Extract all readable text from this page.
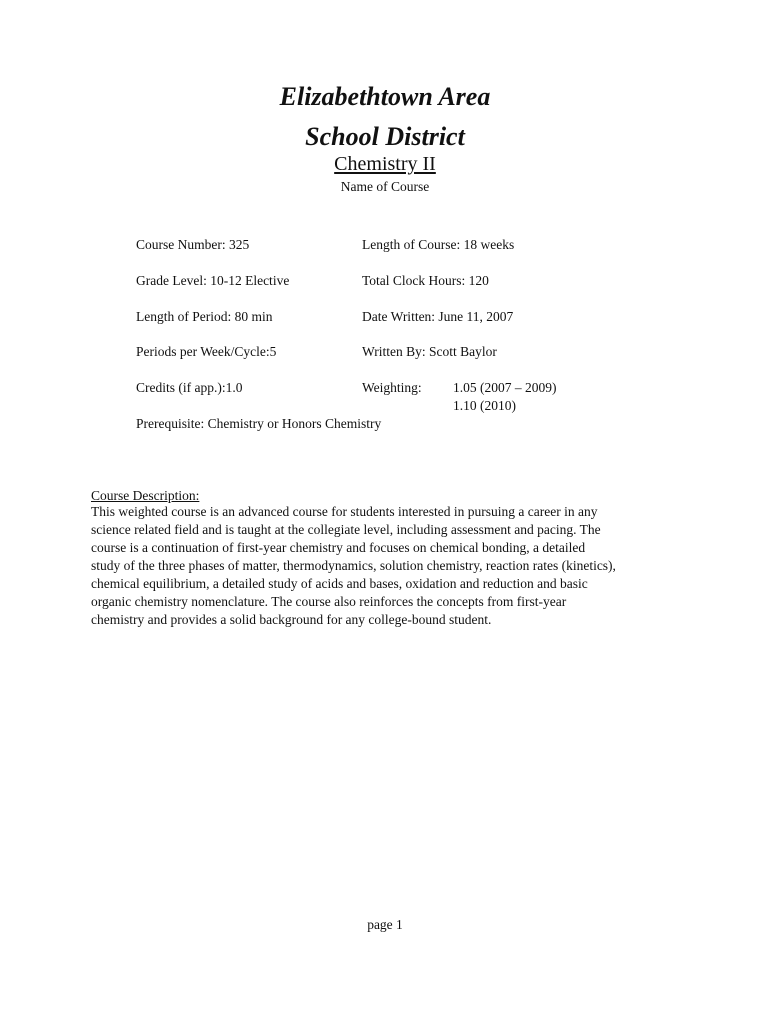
Elizabethtown Area
School District
Chemistry II
Name of Course
Course Number: 325	Length of Course: 18 weeks
Grade Level: 10-12 Elective	Total Clock Hours: 120
Length of Period: 80 min	Date Written: June 11, 2007
Periods per Week/Cycle:5	Written By: Scott Baylor
Credits (if app.):1.0	Weighting: 1.05 (2007 – 2009)
1.10 (2010)
Prerequisite: Chemistry or Honors Chemistry
Course Description:
This weighted course is an advanced course for students interested in pursuing a career in any
science related field and is taught at the collegiate level, including assessment and pacing. The
course is a continuation of first-year chemistry and focuses on chemical bonding, a detailed
study of the three phases of matter, thermodynamics, solution chemistry, reaction rates (kinetics),
chemical equilibrium, a detailed study of acids and bases, oxidation and reduction and basic
organic chemistry nomenclature. The course also reinforces the concepts from first-year
chemistry and provides a solid background for any college-bound student.
page 1
